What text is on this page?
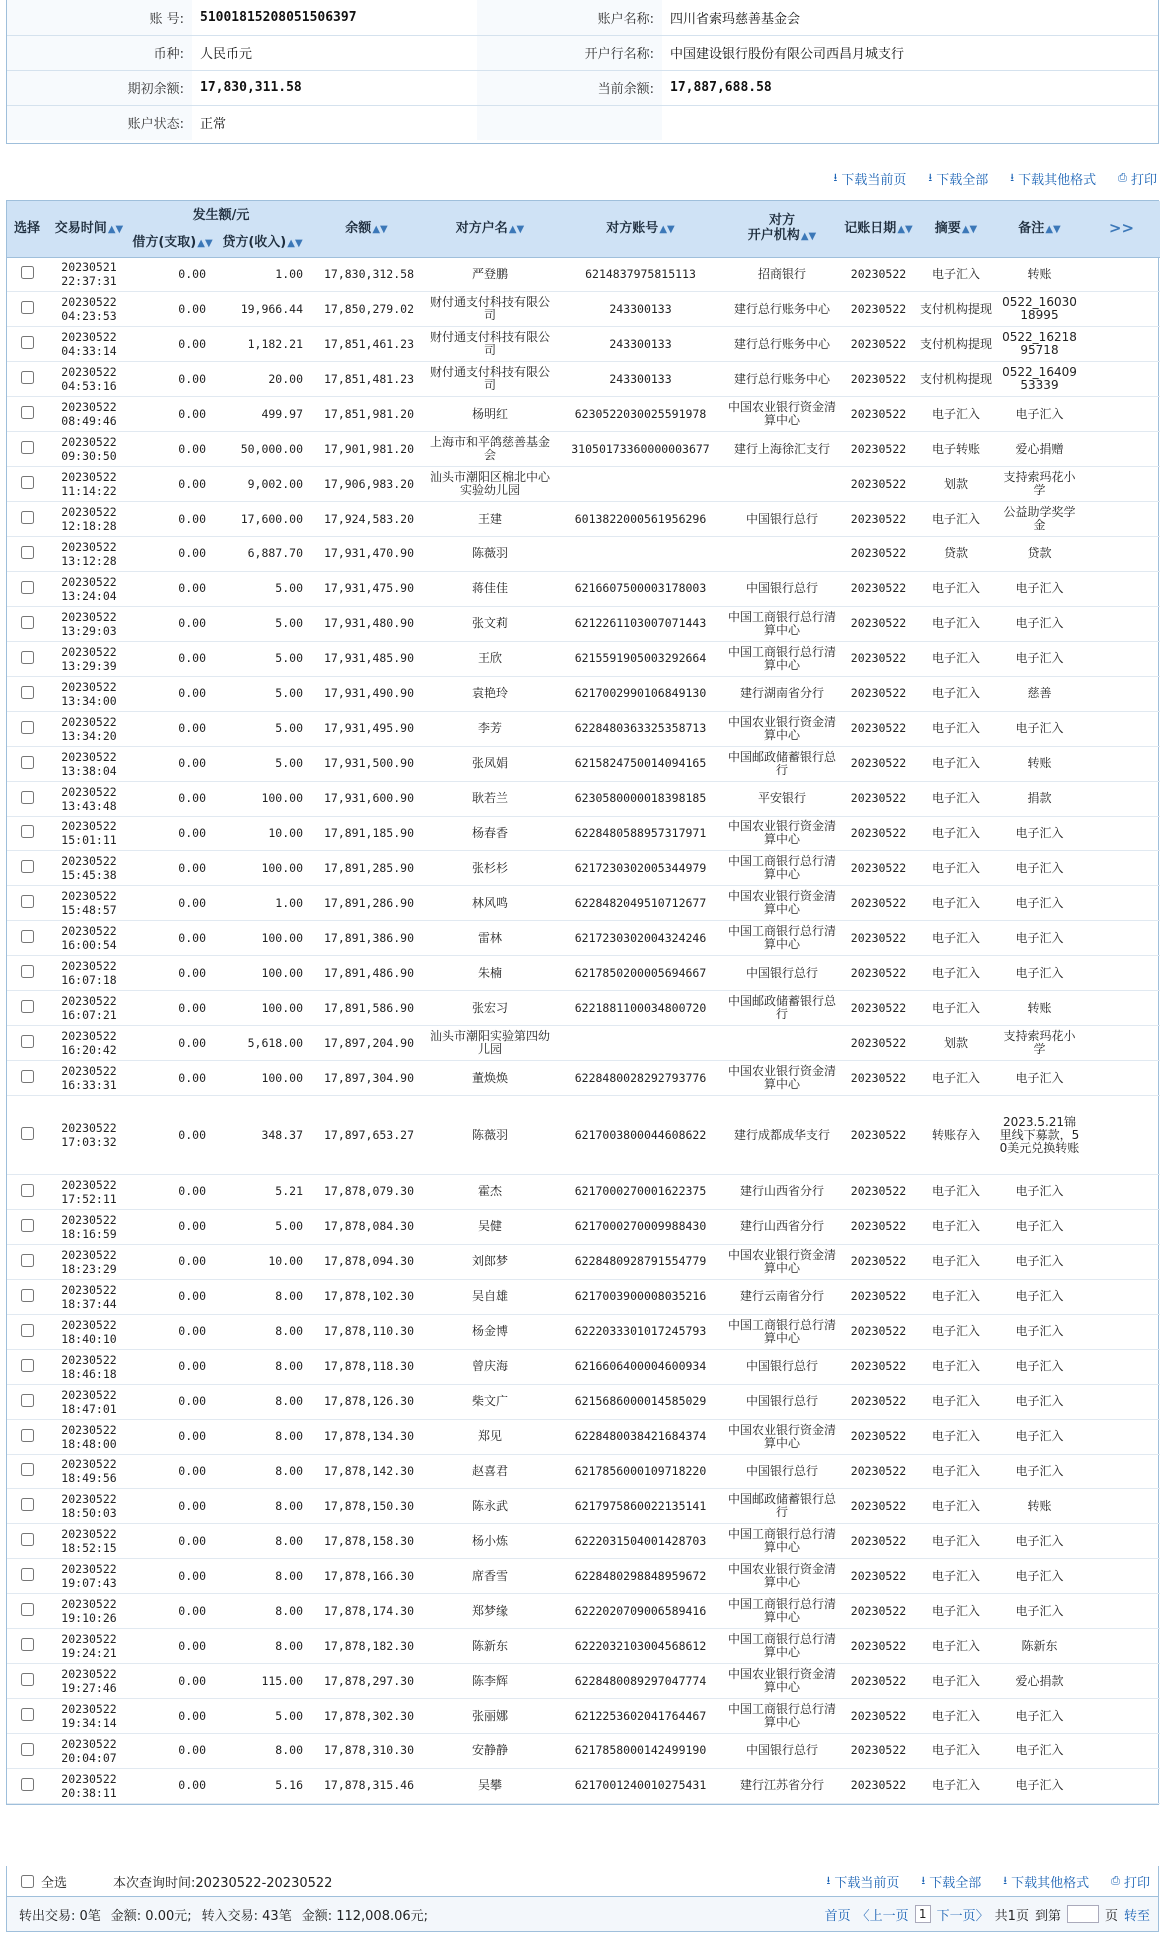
账 号:	51001815208051506397	账户名称:	四川省索玛慈善基金会
币种:	人民币元	开户行名称:	中国建设银行股份有限公司西昌月城支行
期初余额:	17,830,311.58	当前余额:	17,887,688.58
账户状态:	正常		
⭳ 下载当前页 ⭳ 下载全部 ⭳ 下载其他格式 ⎙ 打印
选择	交易时间▲▼	发生额/元		余额▲▼	对方户名▲▼	对方账号▲▼	对方
开户机构▲▼	记账日期▲▼	摘要▲▼	备注▲▼	>>
		借方(支取)▲▼	贷方(收入)▲▼								
	20230521
22:37:31	0.00	1.00	17,830,312.58	严登鹏	6214837975815113	招商银行	20230522	电子汇入	转账	
	20230522
04:23:53	0.00	19,966.44	17,850,279.02	财付通支付科技有限公司	243300133	建行总行账务中心	20230522	支付机构提现	0522_1603018995	
	20230522
04:33:14	0.00	1,182.21	17,851,461.23	财付通支付科技有限公司	243300133	建行总行账务中心	20230522	支付机构提现	0522_1621895718	
	20230522
04:53:16	0.00	20.00	17,851,481.23	财付通支付科技有限公司	243300133	建行总行账务中心	20230522	支付机构提现	0522_1640953339	
	20230522
08:49:46	0.00	499.97	17,851,981.20	杨明红	6230522030025591978	中国农业银行资金清算中心	20230522	电子汇入	电子汇入	
	20230522
09:30:50	0.00	50,000.00	17,901,981.20	上海市和平鸽慈善基金会	31050173360000003677	建行上海徐汇支行	20230522	电子转账	爱心捐赠	
	20230522
11:14:22	0.00	9,002.00	17,906,983.20	汕头市潮阳区棉北中心实验幼儿园			20230522	划款	支持索玛花小学	
	20230522
12:18:28	0.00	17,600.00	17,924,583.20	王建	6013822000561956296	中国银行总行	20230522	电子汇入	公益助学奖学金	
	20230522
13:12:28	0.00	6,887.70	17,931,470.90	陈薇羽			20230522	贷款	贷款	
	20230522
13:24:04	0.00	5.00	17,931,475.90	蒋佳佳	6216607500003178003	中国银行总行	20230522	电子汇入	电子汇入	
	20230522
13:29:03	0.00	5.00	17,931,480.90	张文莉	6212261103007071443	中国工商银行总行清算中心	20230522	电子汇入	电子汇入	
	20230522
13:29:39	0.00	5.00	17,931,485.90	王欣	6215591905003292664	中国工商银行总行清算中心	20230522	电子汇入	电子汇入	
	20230522
13:34:00	0.00	5.00	17,931,490.90	袁艳玲	6217002990106849130	建行湖南省分行	20230522	电子汇入	慈善	
	20230522
13:34:20	0.00	5.00	17,931,495.90	李芳	6228480363325358713	中国农业银行资金清算中心	20230522	电子汇入	电子汇入	
	20230522
13:38:04	0.00	5.00	17,931,500.90	张凤娟	6215824750014094165	中国邮政储蓄银行总行	20230522	电子汇入	转账	
	20230522
13:43:48	0.00	100.00	17,931,600.90	耿若兰	6230580000018398185	平安银行	20230522	电子汇入	捐款	
	20230522
15:01:11	0.00	10.00	17,891,185.90	杨春香	6228480588957317971	中国农业银行资金清算中心	20230522	电子汇入	电子汇入	
	20230522
15:45:38	0.00	100.00	17,891,285.90	张杉杉	6217230302005344979	中国工商银行总行清算中心	20230522	电子汇入	电子汇入	
	20230522
15:48:57	0.00	1.00	17,891,286.90	林风鸣	6228482049510712677	中国农业银行资金清算中心	20230522	电子汇入	电子汇入	
	20230522
16:00:54	0.00	100.00	17,891,386.90	雷林	6217230302004324246	中国工商银行总行清算中心	20230522	电子汇入	电子汇入	
	20230522
16:07:18	0.00	100.00	17,891,486.90	朱楠	6217850200005694667	中国银行总行	20230522	电子汇入	电子汇入	
	20230522
16:07:21	0.00	100.00	17,891,586.90	张宏习	6221881100034800720	中国邮政储蓄银行总行	20230522	电子汇入	转账	
	20230522
16:20:42	0.00	5,618.00	17,897,204.90	汕头市潮阳实验第四幼儿园			20230522	划款	支持索玛花小学	
	20230522
16:33:31	0.00	100.00	17,897,304.90	董焕焕	6228480028292793776	中国农业银行资金清算中心	20230522	电子汇入	电子汇入	
	20230522
17:03:32	0.00	348.37	17,897,653.27	陈薇羽	6217003800044608622	建行成都成华支行	20230522	转账存入	2023.5.21锦里线下募款，50美元兑换转账	
	20230522
17:52:11	0.00	5.21	17,878,079.30	霍杰	6217000270001622375	建行山西省分行	20230522	电子汇入	电子汇入	
	20230522
18:16:59	0.00	5.00	17,878,084.30	吴健	6217000270009988430	建行山西省分行	20230522	电子汇入	电子汇入	
	20230522
18:23:29	0.00	10.00	17,878,094.30	刘郎梦	6228480928791554779	中国农业银行资金清算中心	20230522	电子汇入	电子汇入	
	20230522
18:37:44	0.00	8.00	17,878,102.30	吴自雄	6217003900008035216	建行云南省分行	20230522	电子汇入	电子汇入	
	20230522
18:40:10	0.00	8.00	17,878,110.30	杨金博	6222033301017245793	中国工商银行总行清算中心	20230522	电子汇入	电子汇入	
	20230522
18:46:18	0.00	8.00	17,878,118.30	曾庆海	6216606400004600934	中国银行总行	20230522	电子汇入	电子汇入	
	20230522
18:47:01	0.00	8.00	17,878,126.30	柴文广	6215686000014585029	中国银行总行	20230522	电子汇入	电子汇入	
	20230522
18:48:00	0.00	8.00	17,878,134.30	郑见	6228480038421684374	中国农业银行资金清算中心	20230522	电子汇入	电子汇入	
	20230522
18:49:56	0.00	8.00	17,878,142.30	赵喜君	6217856000109718220	中国银行总行	20230522	电子汇入	电子汇入	
	20230522
18:50:03	0.00	8.00	17,878,150.30	陈永武	6217975860022135141	中国邮政储蓄银行总行	20230522	电子汇入	转账	
	20230522
18:52:15	0.00	8.00	17,878,158.30	杨小炼	6222031504001428703	中国工商银行总行清算中心	20230522	电子汇入	电子汇入	
	20230522
19:07:43	0.00	8.00	17,878,166.30	席香雪	6228480298848959672	中国农业银行资金清算中心	20230522	电子汇入	电子汇入	
	20230522
19:10:26	0.00	8.00	17,878,174.30	郑梦缘	6222020709006589416	中国工商银行总行清算中心	20230522	电子汇入	电子汇入	
	20230522
19:24:21	0.00	8.00	17,878,182.30	陈新东	6222032103004568612	中国工商银行总行清算中心	20230522	电子汇入	陈新东	
	20230522
19:27:46	0.00	115.00	17,878,297.30	陈李辉	6228480089297047774	中国农业银行资金清算中心	20230522	电子汇入	爱心捐款	
	20230522
19:34:14	0.00	5.00	17,878,302.30	张丽娜	6212253602041764467	中国工商银行总行清算中心	20230522	电子汇入	电子汇入	
	20230522
20:04:07	0.00	8.00	17,878,310.30	安静静	6217858000142499190	中国银行总行	20230522	电子汇入	电子汇入	
	20230522
20:38:11	0.00	5.16	17,878,315.46	吴攀	6217001240010275431	建行江苏省分行	20230522	电子汇入	电子汇入	
全选	本次查询时间:20230522-20230522	⭳ 下载当前页 ⭳ 下载全部 ⭳ 下载其他格式 ⎙ 打印
转出交易: 0笔 金额: 0.00元; 转入交易: 43笔 金额: 112,008.06元;	首页 〈上一页 1 下一页〉 共1页 到第	页 转至
